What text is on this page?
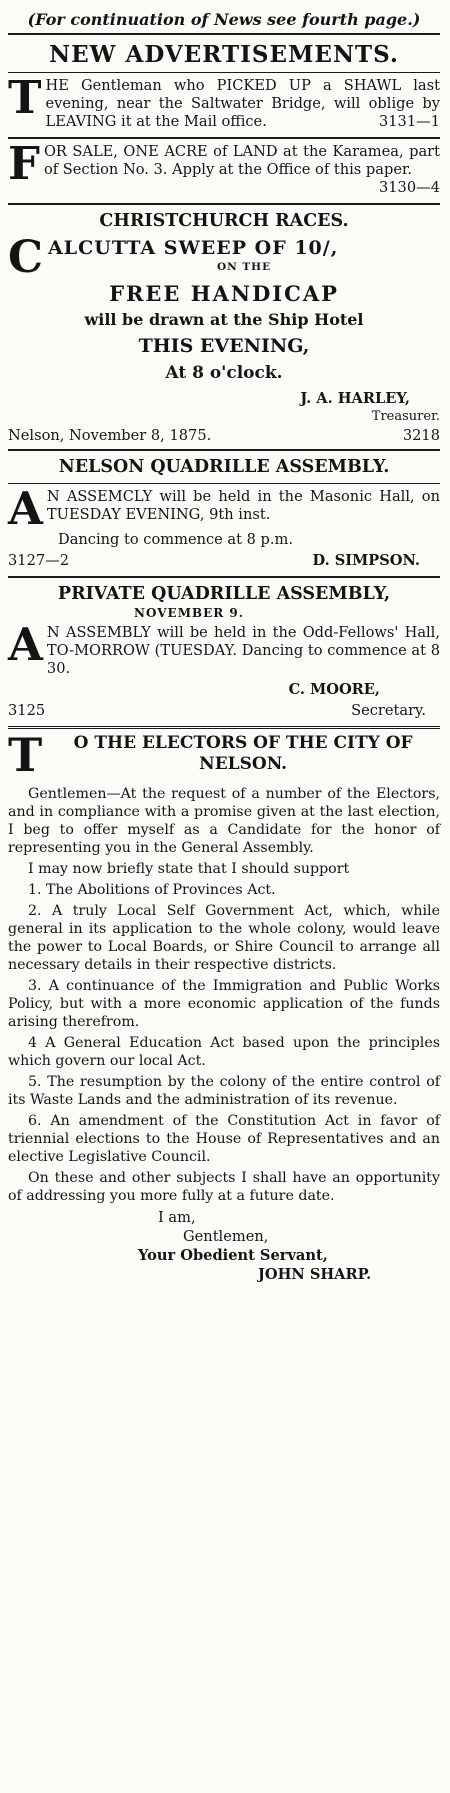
(For continuation of News see fourth page.)
NEW ADVERTISEMENTS.
T HE Gentleman who PICKED UP a SHAWL last evening, near the Saltwater Bridge, will oblige by LEAVING it at the Mail office.	3131—1
F OR SALE, ONE ACRE of LAND at the Karamea, part of Section No. 3. Apply at the Office of this paper.
3130—4
CHRISTCHURCH RACES.
C ALCUTTA SWEEP OF 10/,
ON THE
FREE HANDICAP
will be drawn at the Ship Hotel
THIS EVENING,
At 8 o'clock.
J. A. HARLEY,
Treasurer.
Nelson, November 8, 1875.	3218
NELSON QUADRILLE ASSEMBLY.
A N ASSEMCLY will be held in the Masonic Hall, on TUESDAY EVENING, 9th inst.
Dancing to commence at 8 p.m.
3127—2	D. SIMPSON.
PRIVATE QUADRILLE ASSEMBLY,
NOVEMBER 9.
A N ASSEMBLY will be held in the Odd-Fellows' Hall, TO-MORROW (TUESDAY. Dancing to commence at 8 30.
C. MOORE,
3125	Secretary.
T O THE ELECTORS OF THE CITY OF NELSON.
Gentlemen—At the request of a number of the Electors, and in compliance with a promise given at the last election, I beg to offer myself as a Candidate for the honor of representing you in the General Assembly.
I may now briefly state that I should support
1. The Abolitions of Provinces Act.
2. A truly Local Self Government Act, which, while general in its application to the whole colony, would leave the power to Local Boards, or Shire Council to arrange all necessary details in their respective districts.
3. A continuance of the Immigration and Public Works Policy, but with a more economic application of the funds arising therefrom.
4 A General Education Act based upon the principles which govern our local Act.
5. The resumption by the colony of the entire control of its Waste Lands and the administration of its revenue.
6. An amendment of the Constitution Act in favor of triennial elections to the House of Representatives and an elective Legislative Council.
On these and other subjects I shall have an opportunity of addressing you more fully at a future date.
I am,
Gentlemen,
Your Obedient Servant,
JOHN SHARP.
